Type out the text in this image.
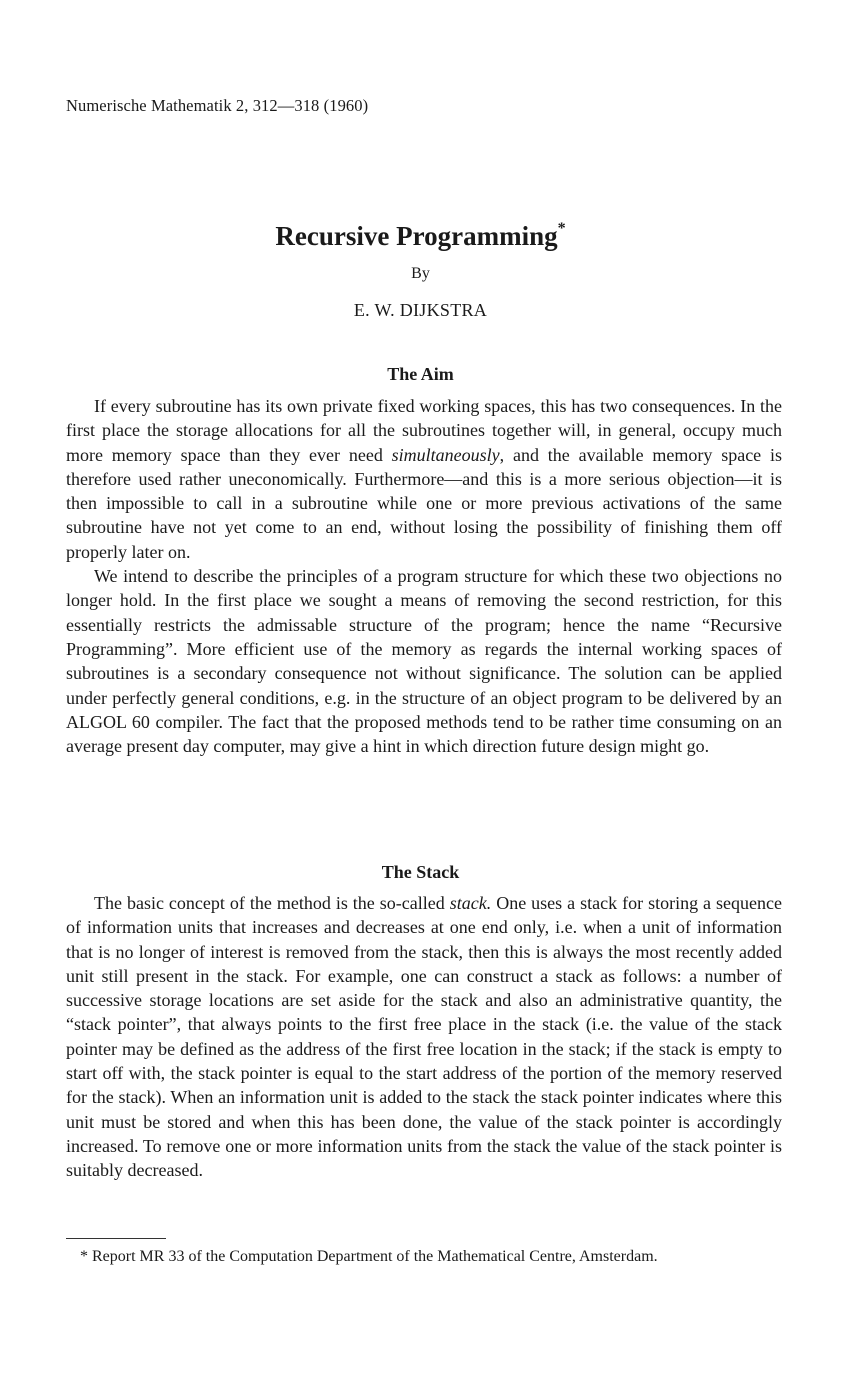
Numerische Mathematik 2, 312—318 (1960)
Recursive Programming*
By
E. W. DIJKSTRA
The Aim

If every subroutine has its own private fixed working spaces, this has two consequences. In the first place the storage allocations for all the subroutines together will, in general, occupy much more memory space than they ever need simultaneously, and the available memory space is therefore used rather uneconomically. Furthermore—and this is a more serious objection—it is then impossible to call in a subroutine while one or more previous activations of the same subroutine have not yet come to an end, without losing the possibility of finishing them off properly later on.

We intend to describe the principles of a program structure for which these two objections no longer hold. In the first place we sought a means of removing the second restriction, for this essentially restricts the admissable structure of the program; hence the name “Recursive Programming”. More efficient use of the memory as regards the internal working spaces of subroutines is a secondary consequence not without significance. The solution can be applied under perfectly general conditions, e.g. in the structure of an object program to be delivered by an ALGOL 60 compiler. The fact that the proposed methods tend to be rather time consuming on an average present day computer, may give a hint in which direction future design might go.

The Stack

The basic concept of the method is the so-called stack. One uses a stack for storing a sequence of information units that increases and decreases at one end only, i.e. when a unit of information that is no longer of interest is removed from the stack, then this is always the most recently added unit still present in the stack. For example, one can construct a stack as follows: a number of successive storage locations are set aside for the stack and also an administrative quantity, the “stack pointer”, that always points to the first free place in the stack (i.e. the value of the stack pointer may be defined as the address of the first free location in the stack; if the stack is empty to start off with, the stack pointer is equal to the start address of the portion of the memory reserved for the stack). When an information unit is added to the stack the stack pointer indicates where this unit must be stored and when this has been done, the value of the stack pointer is accordingly increased. To remove one or more information units from the stack the value of the stack pointer is suitably decreased.

* Report MR 33 of the Computation Department of the Mathematical Centre, Amsterdam.
